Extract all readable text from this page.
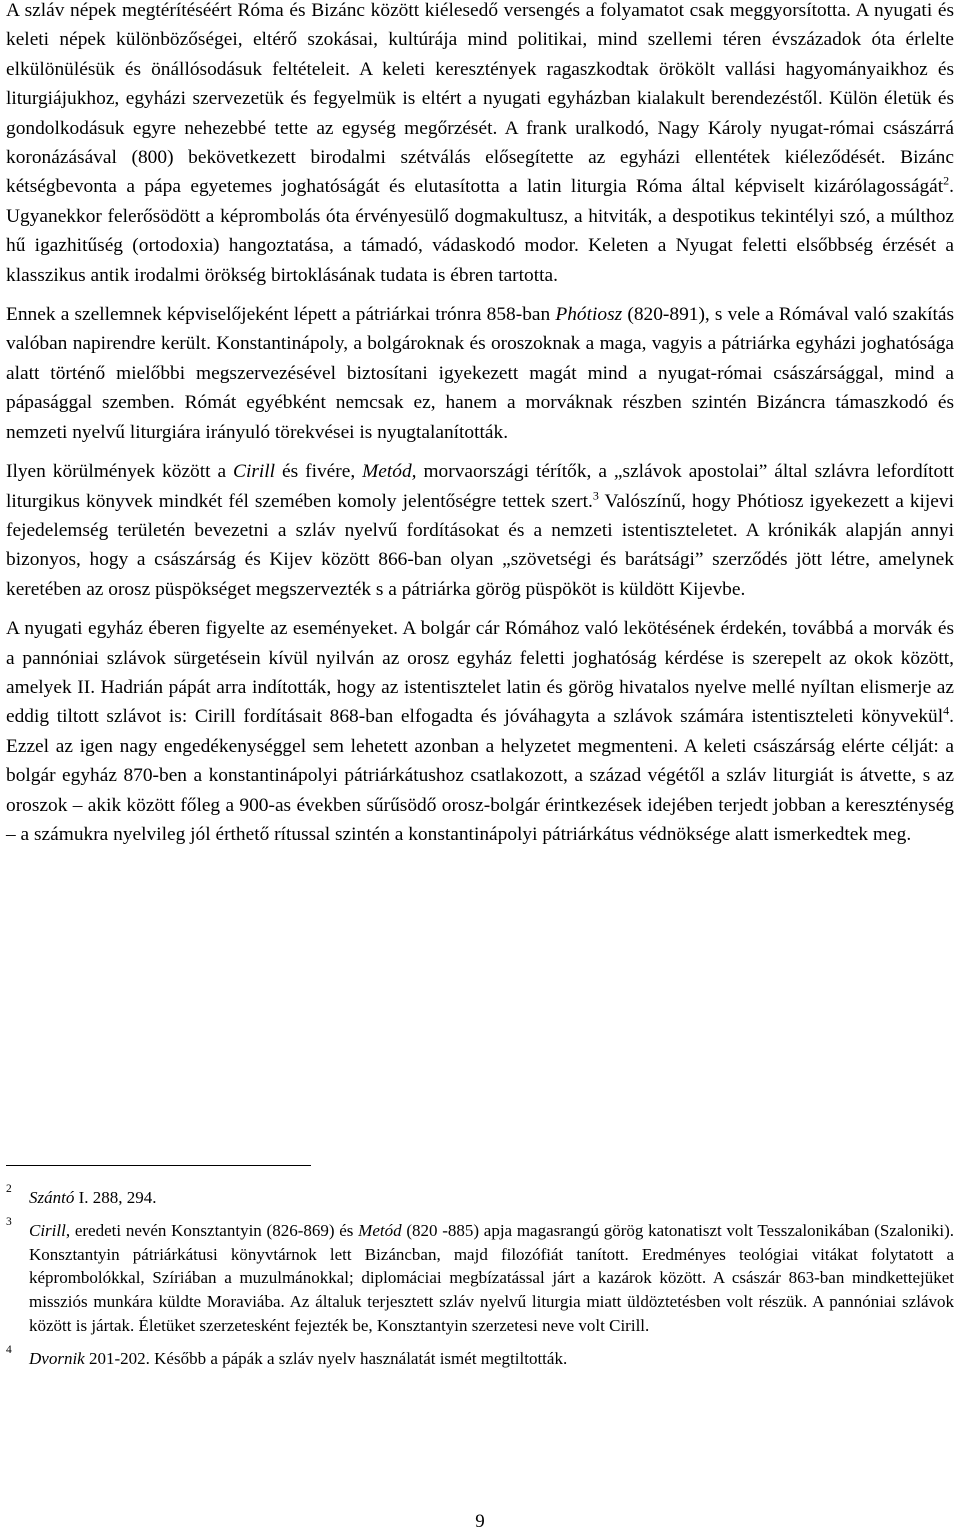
A szláv népek megtérítéséért Róma és Bizánc között kiélesedő versengés a folyamatot csak meggyorsította. A nyugati és keleti népek különbözőségei, eltérő szokásai, kultúrája mind politikai, mind szellemi téren évszázadok óta érlelte elkülönülésük és önállósodásuk feltételeit. A keleti keresztények ragaszkodtak örökölt vallási hagyományaikhoz és liturgiájukhoz, egyházi szervezetük és fegyelmük is eltért a nyugati egyházban kialakult berendezéstől. Külön életük és gondolkodásuk egyre nehezebbé tette az egység megőrzését. A frank uralkodó, Nagy Károly nyugat-római császárrá koronázásával (800) bekövetkezett birodalmi szétválás elősegítette az egyházi ellentétek kiéleződését. Bizánc kétségbevonta a pápa egyetemes joghatóságát és elutasította a latin liturgia Róma által képviselt kizárólagosságát$^2$. Ugyanekkor felerősödött a képrombolás óta érvényesülő dogmakultusz, a hitviták, a despotikus tekintélyi szó, a múlthoz hű igazhitűség (ortodoxia) hangoztatása, a támadó, vádaskodó modor. Keleten a Nyugat feletti elsőbbség érzését a klasszikus antik irodalmi örökség birtoklásának tudata is ébren tartotta.

Ennek a szellemnek képviselőjeként lépett a pátriárkai trónra 858-ban Phótiosz (820-891), s vele a Rómával való szakítás valóban napirendre került. Konstantinápoly, a bolgároknak és oroszoknak a maga, vagyis a pátriárka egyházi joghatósága alatt történő mielőbbi megszervezésével biztosítani igyekezett magát mind a nyugat-római császársággal, mind a pápasággal szemben. Rómát egyébként nemcsak ez, hanem a morváknak részben szintén Bizáncra támaszkodó és nemzeti nyelvű liturgiára irányuló törekvései is nyugtalanították.

Ilyen körülmények között a Cirill és fivére, Metód, morvaországi térítők, a „szlávok apostolai” által szlávra lefordított liturgikus könyvek mindkét fél szemében komoly jelentőségre tettek szert.$^3$ Valószínű, hogy Phótiosz igyekezett a kijevi fejedelemség területén bevezetni a szláv nyelvű fordításokat és a nemzeti istentiszteletet. A krónikák alapján annyi bizonyos, hogy a császárság és Kijev között 866-ban olyan „szövetségi és barátsági” szerződés jött létre, amelynek keretében az orosz püspökséget megszervezték s a pátriárka görög püspököt is küldött Kijevbe.

A nyugati egyház éberen figyelte az eseményeket. A bolgár cár Rómához való lekötésének érdekén, továbbá a morvák és a pannóniai szlávok sürgetésein kívül nyilván az orosz egyház feletti joghatóság kérdése is szerepelt az okok között, amelyek II. Hadrián pápát arra indították, hogy az istentisztelet latin és görög hivatalos nyelve mellé nyíltan elismerje az eddig tiltott szlávot is: Cirill fordításait 868-ban elfogadta és jóváhagyta a szlávok számára istentiszteleti könyvekül$^4$. Ezzel az igen nagy engedékenységgel sem lehetett azonban a helyzetet megmenteni. A keleti császárság elérte célját: a bolgár egyház 870-ben a konstantinápolyi pátriárkátushoz csatlakozott, a század végétől a szláv liturgiát is átvette, s az oroszok – akik között főleg a 900-as években sűrűsödő orosz-bolgár érintkezések idejében terjedt jobban a kereszténység – a számukra nyelvileg jól érthető rítussal szintén a konstantinápolyi pátriárkátus védnöksége alatt ismerkedtek meg.

2 Szántó I. 288, 294.
3 Cirill, eredeti nevén Konsztantyin (826-869) és Metód (820 -885) apja magasrangú görög katonatiszt volt Tesszalonikában (Szaloniki). Konsztantyin pátriárkátusi könyvtárnok lett Bizáncban, majd filozófiát tanított. Eredményes teológiai vitákat folytatott a képrombolókkal, Szíriában a muzulmánokkal; diplomáciai megbízatással járt a kazárok között. A császár 863-ban mindkettejüket missziós munkára küldte Moraviába. Az általuk terjesztett szláv nyelvű liturgia miatt üldöztetésben volt részük. A pannóniai szlávok között is jártak. Életüket szerzetesként fejezték be, Konsztantyin szerzetesi neve volt Cirill.
4 Dvornik 201-202. Később a pápák a szláv nyelv használatát ismét megtiltották.
9
